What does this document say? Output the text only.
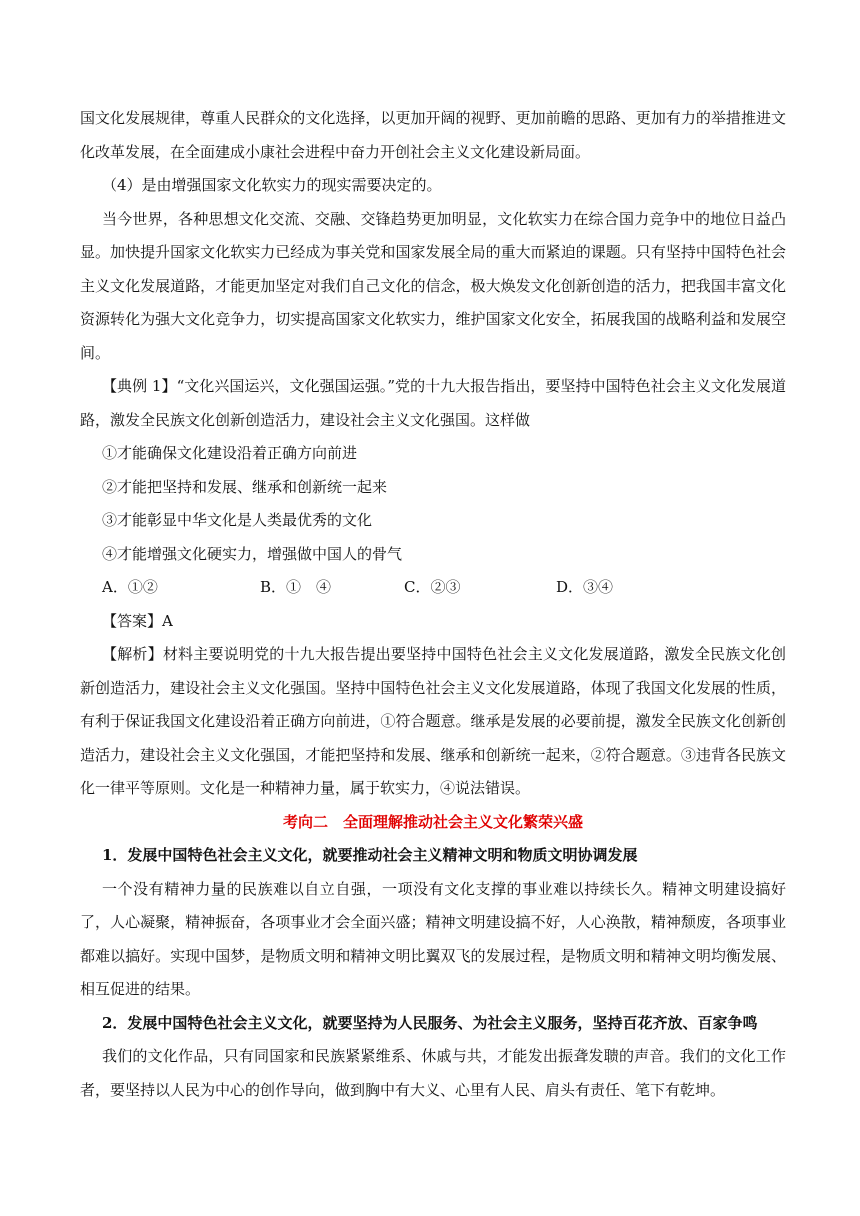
国文化发展规律，尊重人民群众的文化选择，以更加开阔的视野、更加前瞻的思路、更加有力的举措推进文化改革发展，在全面建成小康社会进程中奋力开创社会主义文化建设新局面。

（4）是由增强国家文化软实力的现实需要决定的。

当今世界，各种思想文化交流、交融、交锋趋势更加明显，文化软实力在综合国力竞争中的地位日益凸显。加快提升国家文化软实力已经成为事关党和国家发展全局的重大而紧迫的课题。只有坚持中国特色社会主义文化发展道路，才能更加坚定对我们自己文化的信念，极大焕发文化创新创造的活力，把我国丰富文化资源转化为强大文化竞争力，切实提高国家文化软实力，维护国家文化安全，拓展我国的战略利益和发展空间。

【典例 1】“文化兴国运兴，文化强国运强。”党的十九大报告指出，要坚持中国特色社会主义文化发展道路，激发全民族文化创新创造活力，建设社会主义文化强国。这样做

①才能确保文化建设沿着正确方向前进

②才能把坚持和发展、继承和创新统一起来

③才能彰显中华文化是人类最优秀的文化

④才能增强文化硬实力，增强做中国人的骨气

A．①②	B．①　④	C．②③	D．③④

【答案】A

【解析】材料主要说明党的十九大报告提出要坚持中国特色社会主义文化发展道路，激发全民族文化创新创造活力，建设社会主义文化强国。坚持中国特色社会主义文化发展道路，体现了我国文化发展的性质，有利于保证我国文化建设沿着正确方向前进，①符合题意。继承是发展的必要前提，激发全民族文化创新创造活力，建设社会主义文化强国，才能把坚持和发展、继承和创新统一起来，②符合题意。③违背各民族文化一律平等原则。文化是一种精神力量，属于软实力，④说法错误。

考向二　全面理解推动社会主义文化繁荣兴盛

1．发展中国特色社会主义文化，就要推动社会主义精神文明和物质文明协调发展

一个没有精神力量的民族难以自立自强，一项没有文化支撑的事业难以持续长久。精神文明建设搞好了，人心凝聚，精神振奋，各项事业才会全面兴盛；精神文明建设搞不好，人心涣散，精神颓废，各项事业都难以搞好。实现中国梦，是物质文明和精神文明比翼双飞的发展过程，是物质文明和精神文明均衡发展、相互促进的结果。

2．发展中国特色社会主义文化，就要坚持为人民服务、为社会主义服务，坚持百花齐放、百家争鸣

我们的文化作品，只有同国家和民族紧紧维系、休戚与共，才能发出振聋发聩的声音。我们的文化工作者，要坚持以人民为中心的创作导向，做到胸中有大义、心里有人民、肩头有责任、笔下有乾坤。
